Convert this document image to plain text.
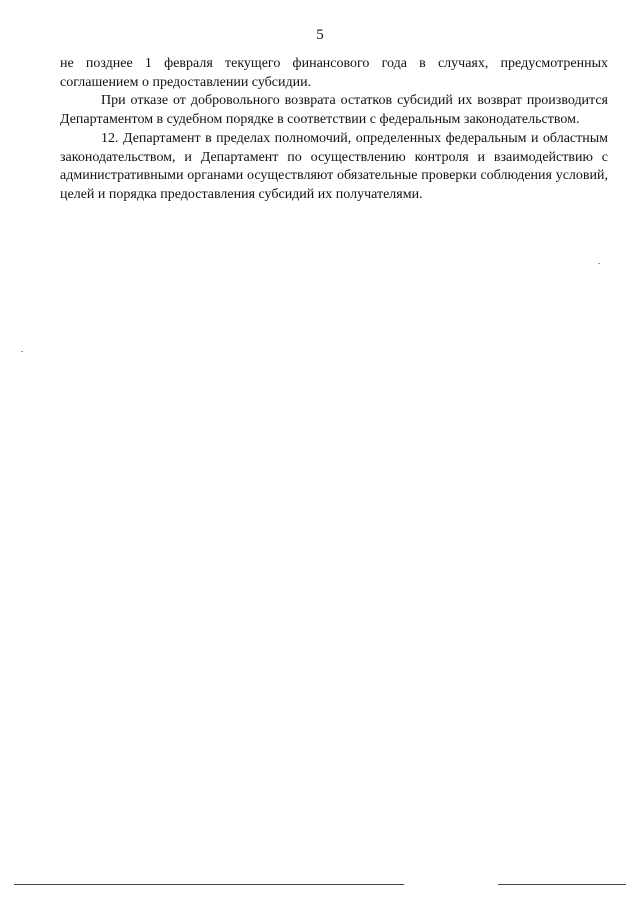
5

не позднее 1 февраля текущего финансового года в случаях, предусмотренных соглашением о предоставлении субсидии.

При отказе от добровольного возврата остатков субсидий их возврат производится Департаментом в судебном порядке в соответствии с федеральным законодательством.

12. Департамент в пределах полномочий, определенных федеральным и областным законодательством, и Департамент по осуществлению контроля и взаимодействию с административными органами осуществляют обязательные проверки соблюдения условий, целей и порядка предоставления субсидий их получателями.
